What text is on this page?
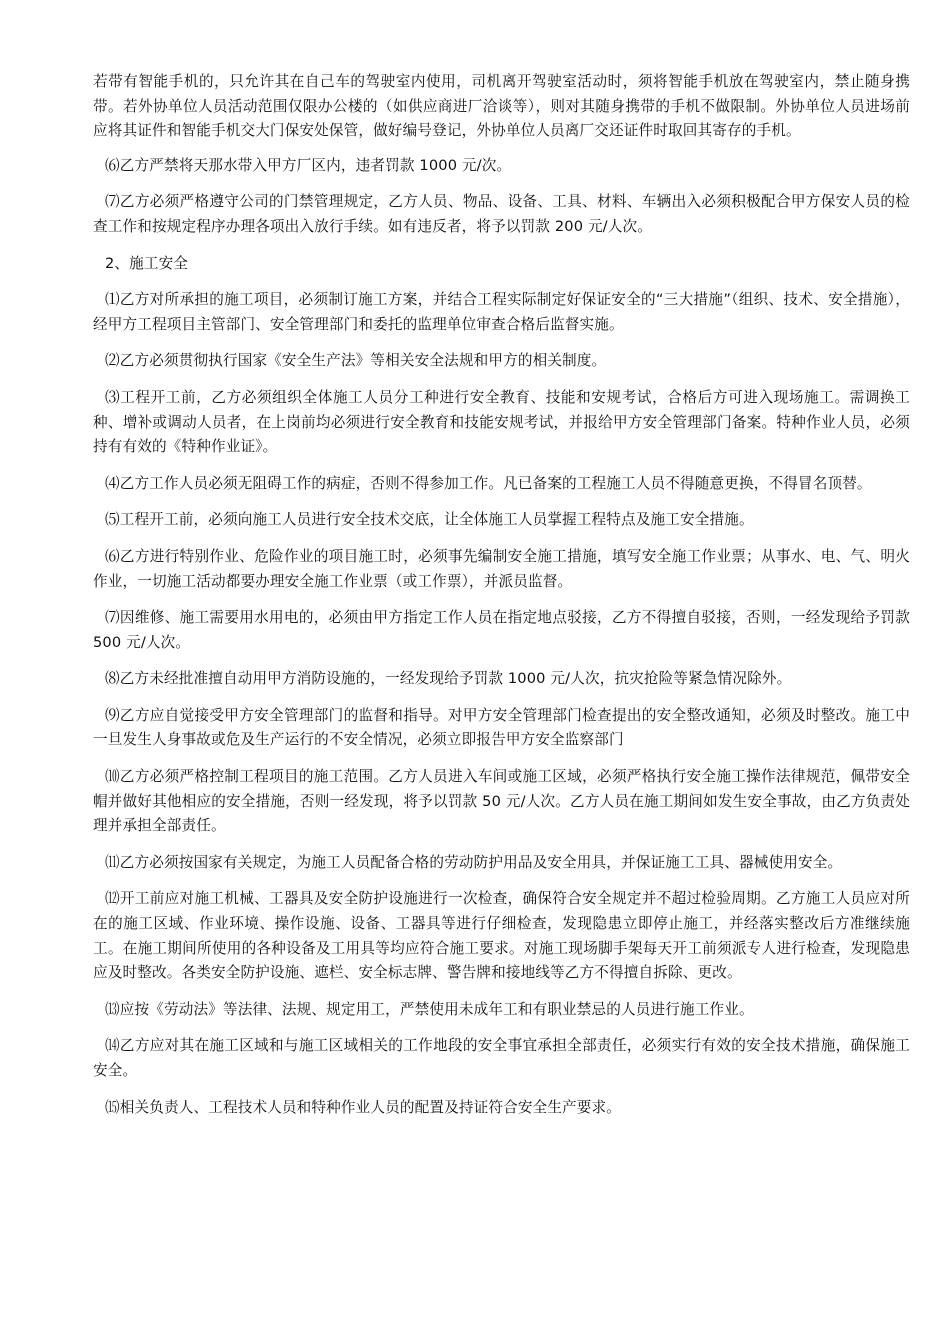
若带有智能手机的，只允许其在自己车的驾驶室内使用，司机离开驾驶室活动时，须将智能手机放在驾驶室内，禁止随身携带。若外协单位人员活动范围仅限办公楼的（如供应商进厂洽谈等），则对其随身携带的手机不做限制。外协单位人员进场前应将其证件和智能手机交大门保安处保管，做好编号登记，外协单位人员离厂交还证件时取回其寄存的手机。

⑹乙方严禁将天那水带入甲方厂区内，违者罚款 1000 元/次。

⑺乙方必须严格遵守公司的门禁管理规定，乙方人员、物品、设备、工具、材料、车辆出入必须积极配合甲方保安人员的检查工作和按规定程序办理各项出入放行手续。如有违反者，将予以罚款 200 元/人次。

2、施工安全

⑴乙方对所承担的施工项目，必须制订施工方案，并结合工程实际制定好保证安全的“三大措施”（组织、技术、安全措施），经甲方工程项目主管部门、安全管理部门和委托的监理单位审查合格后监督实施。

⑵乙方必须贯彻执行国家《安全生产法》等相关安全法规和甲方的相关制度。

⑶工程开工前，乙方必须组织全体施工人员分工种进行安全教育、技能和安规考试，合格后方可进入现场施工。需调换工种、增补或调动人员者，在上岗前均必须进行安全教育和技能安规考试，并报给甲方安全管理部门备案。特种作业人员，必须持有有效的《特种作业证》。

⑷乙方工作人员必须无阻碍工作的病症，否则不得参加工作。凡已备案的工程施工人员不得随意更换，不得冒名顶替。

⑸工程开工前，必须向施工人员进行安全技术交底，让全体施工人员掌握工程特点及施工安全措施。

⑹乙方进行特别作业、危险作业的项目施工时，必须事先编制安全施工措施，填写安全施工作业票；从事水、电、气、明火作业，一切施工活动都要办理安全施工作业票（或工作票），并派员监督。

⑺因维修、施工需要用水用电的，必须由甲方指定工作人员在指定地点驳接，乙方不得擅自驳接，否则，一经发现给予罚款 500 元/人次。

⑻乙方未经批准擅自动用甲方消防设施的，一经发现给予罚款 1000 元/人次，抗灾抢险等紧急情况除外。

⑼乙方应自觉接受甲方安全管理部门的监督和指导。对甲方安全管理部门检查提出的安全整改通知，必须及时整改。施工中一旦发生人身事故或危及生产运行的不安全情况，必须立即报告甲方安全监察部门

⑽乙方必须严格控制工程项目的施工范围。乙方人员进入车间或施工区域，必须严格执行安全施工操作法律规范，佩带安全帽并做好其他相应的安全措施，否则一经发现，将予以罚款 50 元/人次。乙方人员在施工期间如发生安全事故，由乙方负责处理并承担全部责任。

⑾乙方必须按国家有关规定，为施工人员配备合格的劳动防护用品及安全用具，并保证施工工具、器械使用安全。

⑿开工前应对施工机械、工器具及安全防护设施进行一次检查，确保符合安全规定并不超过检验周期。乙方施工人员应对所在的施工区域、作业环境、操作设施、设备、工器具等进行仔细检查，发现隐患立即停止施工，并经落实整改后方准继续施工。在施工期间所使用的各种设备及工用具等均应符合施工要求。对施工现场脚手架每天开工前须派专人进行检查，发现隐患应及时整改。各类安全防护设施、遮栏、安全标志牌、警告牌和接地线等乙方不得擅自拆除、更改。

⒀应按《劳动法》等法律、法规、规定用工，严禁使用未成年工和有职业禁忌的人员进行施工作业。

⒁乙方应对其在施工区域和与施工区域相关的工作地段的安全事宜承担全部责任，必须实行有效的安全技术措施，确保施工安全。

⒂相关负责人、工程技术人员和特种作业人员的配置及持证符合安全生产要求。
